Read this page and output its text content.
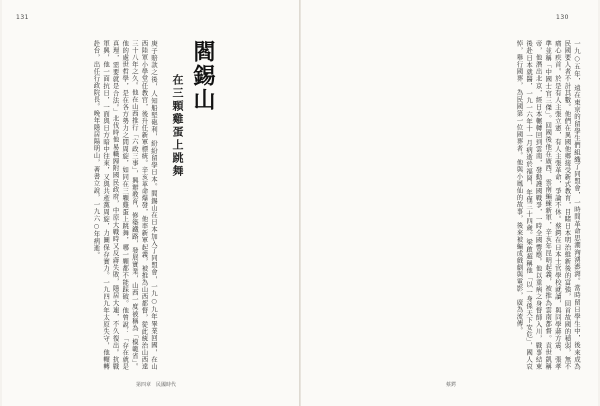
131
閻錫山
在三顆雞蛋上跳舞
庚子賠款之後，人知船堅砲利，紛紛留學日本。閻錫山在日本加入了同盟會，一九○九年畢業回國，在山西陸軍小學堂任教官，後升任新軍標統。辛亥革命爆發，他率新軍起義，被推為山西都督，從此統治山西達三十八年之久。他在山西推行「六政三事」，興辦教育，修築鐵路，發展實業，山西一度被稱為「模範省」。他的處世哲學，是在各方勢力之間周旋，如同在三顆雞蛋上跳舞，哪一顆都不能踩破。他曾說：「存在就是真理，需要就是合法。」北伐時他易幟歸附國民政府，中原大戰時又反蔣失敗，隱居大連，不久復出。抗戰軍興，他一面抗日，一面與日方暗中往來，又與共產黨周旋，力圖保存實力。一九四九年太原失守，他輾轉赴台，出任行政院長。晚年隱居陽明山，著書立說，一九六○年病逝。
第四章　民國時代
130
一九○五年，遠在東京的留學生們組織了同盟會，一時間革命思潮洶湧澎湃。當時留日學生中，後來成為民國要人者不計其數。他們在異國他鄉接受新式教育，目睹日本明治維新後的富強，回首故國的積弱，無不痛心疾首。於是有人主張立憲，有人主張革命，爭論不休。蔡鍔在日本士官學校就讀，與同學蔣方震、張孝準並稱「中國士官三傑」。回國後他在廣西、雲南編練新軍，辛亥年昆明起義，被推為雲南都督。袁世凱稱帝，他潛出北京，經日本輾轉回到雲南，發動護國戰爭，一時全國響應。他以重病之身督師入川，戰事結束後赴日本就醫，一九一六年十一月病逝於福岡，年僅三十四歲。梁啟超稱他「以一身係天下安危」，國人哀悼，舉行國葬，為民國第一位國葬者。他與小鳳仙的故事，後來被編成戲劇與電影，廣為流傳。
蔡鍔
